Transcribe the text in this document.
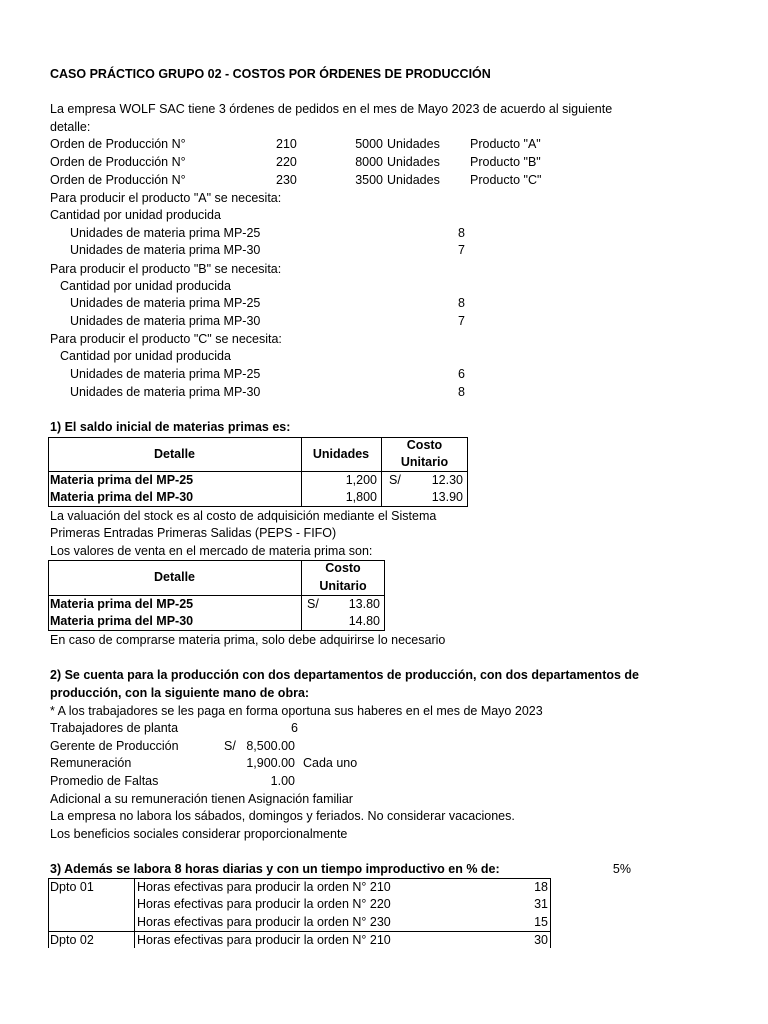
CASO PRÁCTICO GRUPO 02 - COSTOS POR ÓRDENES DE PRODUCCIÓN
La empresa WOLF SAC tiene 3 órdenes de pedidos en el mes de Mayo 2023 de acuerdo al siguiente
detalle:
Orden de Producción N°	210	5000 Unidades Producto "A"
Orden de Producción N°	220	8000 Unidades Producto "B"
Orden de Producción N°	230	3500 Unidades Producto "C"
Para producir el producto "A" se necesita:
Cantidad por unidad producida
Unidades de materia prima MP-25	8
Unidades de materia prima MP-30	7
Para producir el producto "B" se necesita:
Cantidad por unidad producida
Unidades de materia prima MP-25	8
Unidades de materia prima MP-30	7
Para producir el producto "C" se necesita:
Cantidad por unidad producida
Unidades de materia prima MP-25	6
Unidades de materia prima MP-30	8
1) El saldo inicial de materias primas es:
Detalle	Unidades
Costo
Unitario
Materia prima del MP-25	1,200 S/	12.30
Materia prima del MP-30	1,800	13.90
La valuación del stock es al costo de adquisición mediante el Sistema
Primeras Entradas Primeras Salidas (PEPS - FIFO)
Los valores de venta en el mercado de materia prima son:
Detalle
Costo
Unitario
Materia prima del MP-25	S/	13.80
Materia prima del MP-30	14.80
En caso de comprarse materia prima, solo debe adquirirse lo necesario
2) Se cuenta para la producción con dos departamentos de producción, con dos departamentos de
producción, con la siguiente mano de obra:
* A los trabajadores se les paga en forma oportuna sus haberes en el mes de Mayo 2023
Trabajadores de planta	6
Gerente de Producción	S/ 8,500.00
Remuneración	1,900.00 Cada uno
Promedio de Faltas	1.00
Adicional a su remuneración tienen Asignación familiar
La empresa no labora los sábados, domingos y feriados. No considerar vacaciones.
Los beneficios sociales considerar proporcionalmente
3) Además se labora 8 horas diarias y con un tiempo improductivo en % de:	5%
Dpto 01	Horas efectivas para producir la orden N° 210	18
Horas efectivas para producir la orden N° 220	31
Horas efectivas para producir la orden N° 230	15
Dpto 02	Horas efectivas para producir la orden N° 210	30
